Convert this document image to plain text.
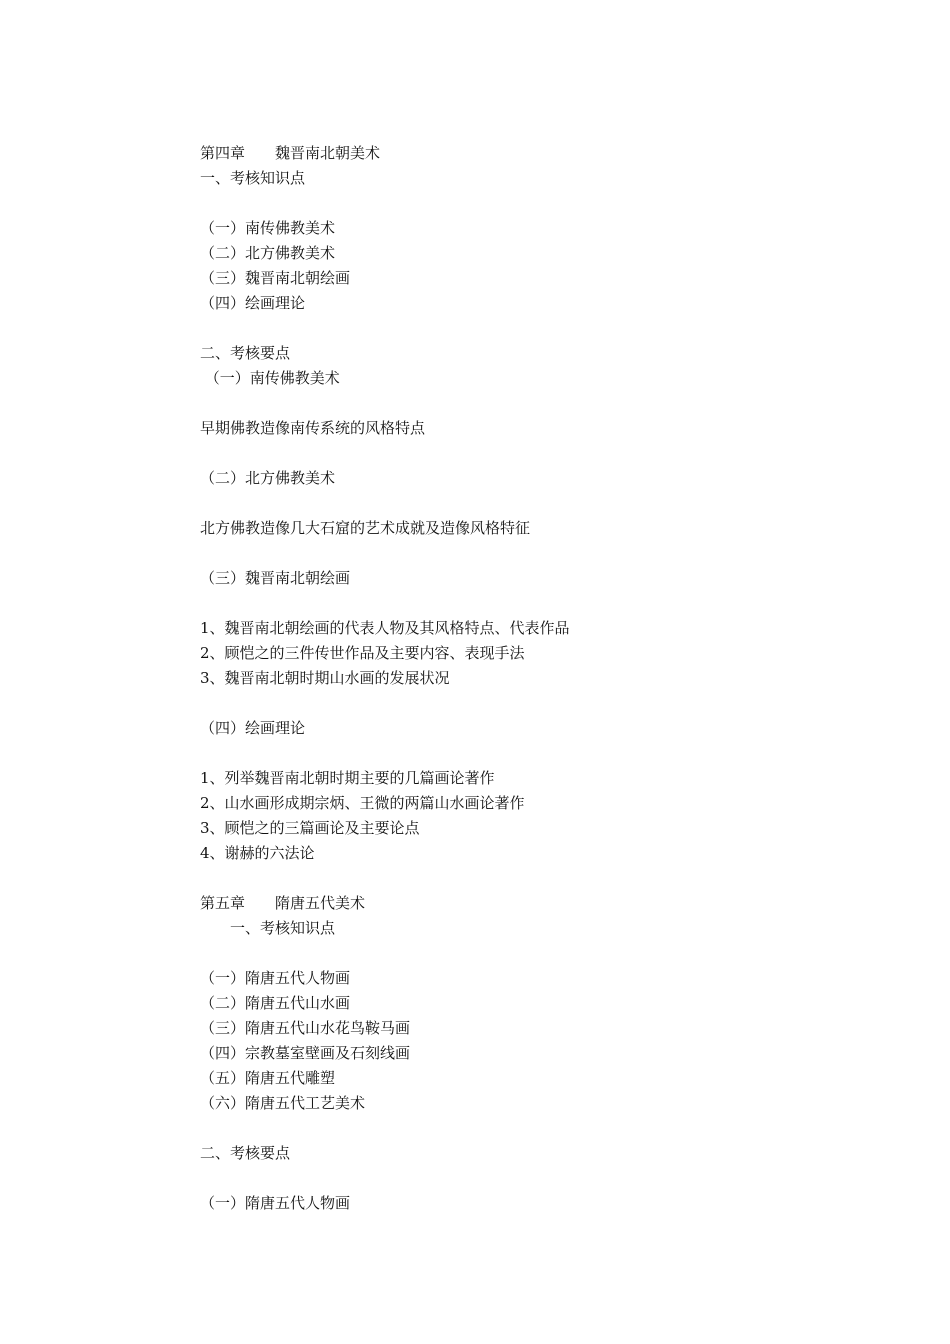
第四章　　魏晋南北朝美术
一、考核知识点
（一）南传佛教美术
（二）北方佛教美术
（三）魏晋南北朝绘画
（四）绘画理论
二、考核要点
（一）南传佛教美术
早期佛教造像南传系统的风格特点
（二）北方佛教美术
北方佛教造像几大石窟的艺术成就及造像风格特征
（三）魏晋南北朝绘画
1、魏晋南北朝绘画的代表人物及其风格特点、代表作品
2、顾恺之的三件传世作品及主要内容、表现手法
3、魏晋南北朝时期山水画的发展状况
（四）绘画理论
1、列举魏晋南北朝时期主要的几篇画论著作
2、山水画形成期宗炳、王微的两篇山水画论著作
3、顾恺之的三篇画论及主要论点
4、谢赫的六法论
第五章　　隋唐五代美术
　　一、考核知识点
（一）隋唐五代人物画
（二）隋唐五代山水画
（三）隋唐五代山水花鸟鞍马画
（四）宗教墓室壁画及石刻线画
（五）隋唐五代雕塑
（六）隋唐五代工艺美术
二、考核要点
（一）隋唐五代人物画
